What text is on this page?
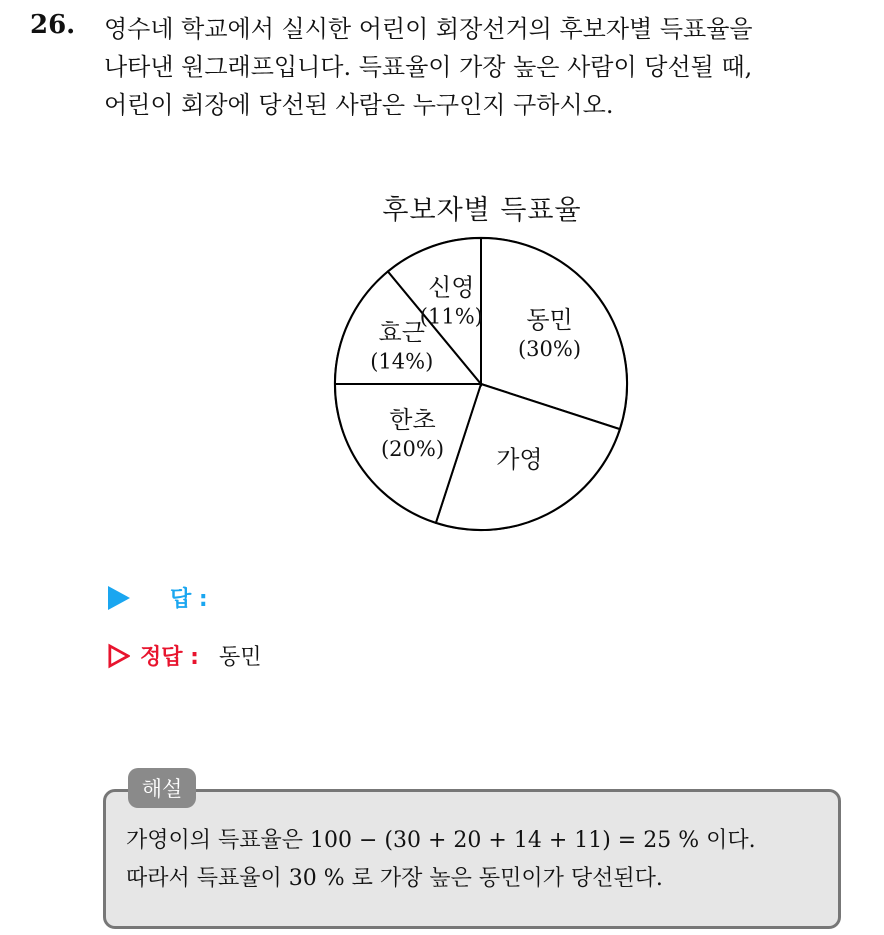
26. 영수네 학교에서 실시한 어린이 회장선거의 후보자별 득표율을
나타낸 원그래프입니다. 득표율이 가장 높은 사람이 당선될 때,
어린이 회장에 당선된 사람은 누구인지 구하시오.
후보자별 득표율
동민
(30%)
가영
한초
(20%)
효근
(14%)
신영
(11%)
답 :
정답 : 동민
해설
가영이의 득표율은 100 − (30 + 20 + 14 + 11) = 25 % 이다.
따라서 득표율이 30 % 로 가장 높은 동민이가 당선된다.
